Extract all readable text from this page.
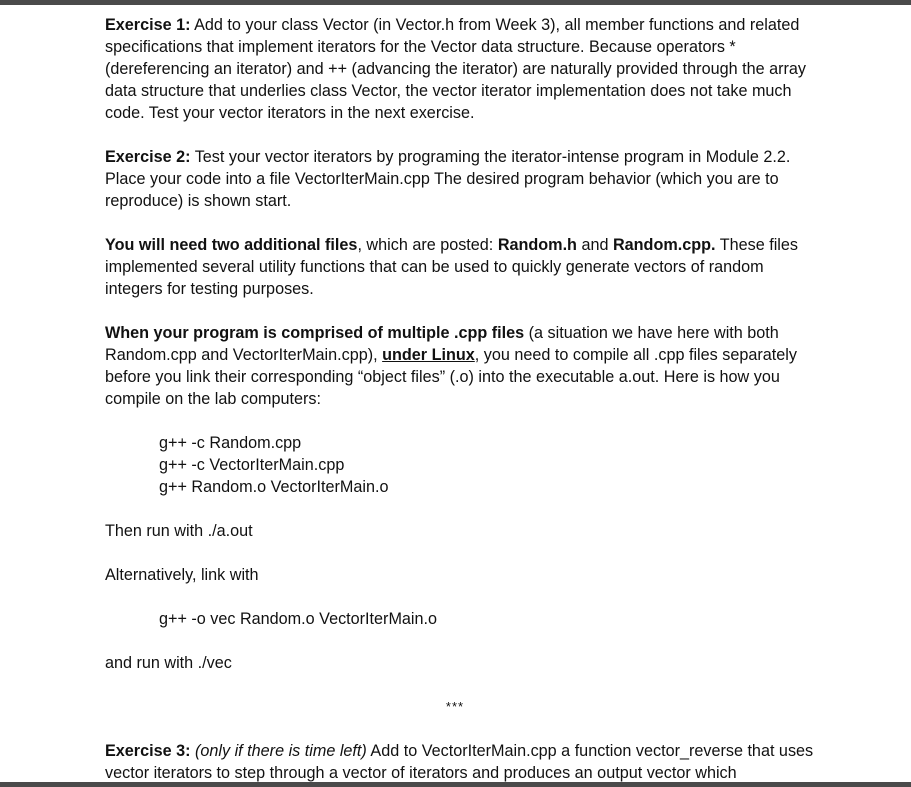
Exercise 1: Add to your class Vector (in Vector.h from Week 3), all member functions and related specifications that implement iterators for the Vector data structure. Because operators * (dereferencing an iterator) and ++ (advancing the iterator) are naturally provided through the array data structure that underlies class Vector, the vector iterator implementation does not take much code. Test your vector iterators in the next exercise.

Exercise 2: Test your vector iterators by programing the iterator-intense program in Module 2.2. Place your code into a file VectorIterMain.cpp The desired program behavior (which you are to reproduce) is shown start.

You will need two additional files, which are posted: Random.h and Random.cpp. These files implemented several utility functions that can be used to quickly generate vectors of random integers for testing purposes.

When your program is comprised of multiple .cpp files (a situation we have here with both Random.cpp and VectorIterMain.cpp), under Linux, you need to compile all .cpp files separately before you link their corresponding “object files” (.o) into the executable a.out. Here is how you compile on the lab computers:

g++ -c Random.cpp
g++ -c VectorIterMain.cpp
g++ Random.o VectorIterMain.o

Then run with ./a.out

Alternatively, link with

g++ -o vec Random.o VectorIterMain.o

and run with ./vec

***

Exercise 3: (only if there is time left) Add to VectorIterMain.cpp a function vector_reverse that uses vector iterators to step through a vector of iterators and produces an output vector which
